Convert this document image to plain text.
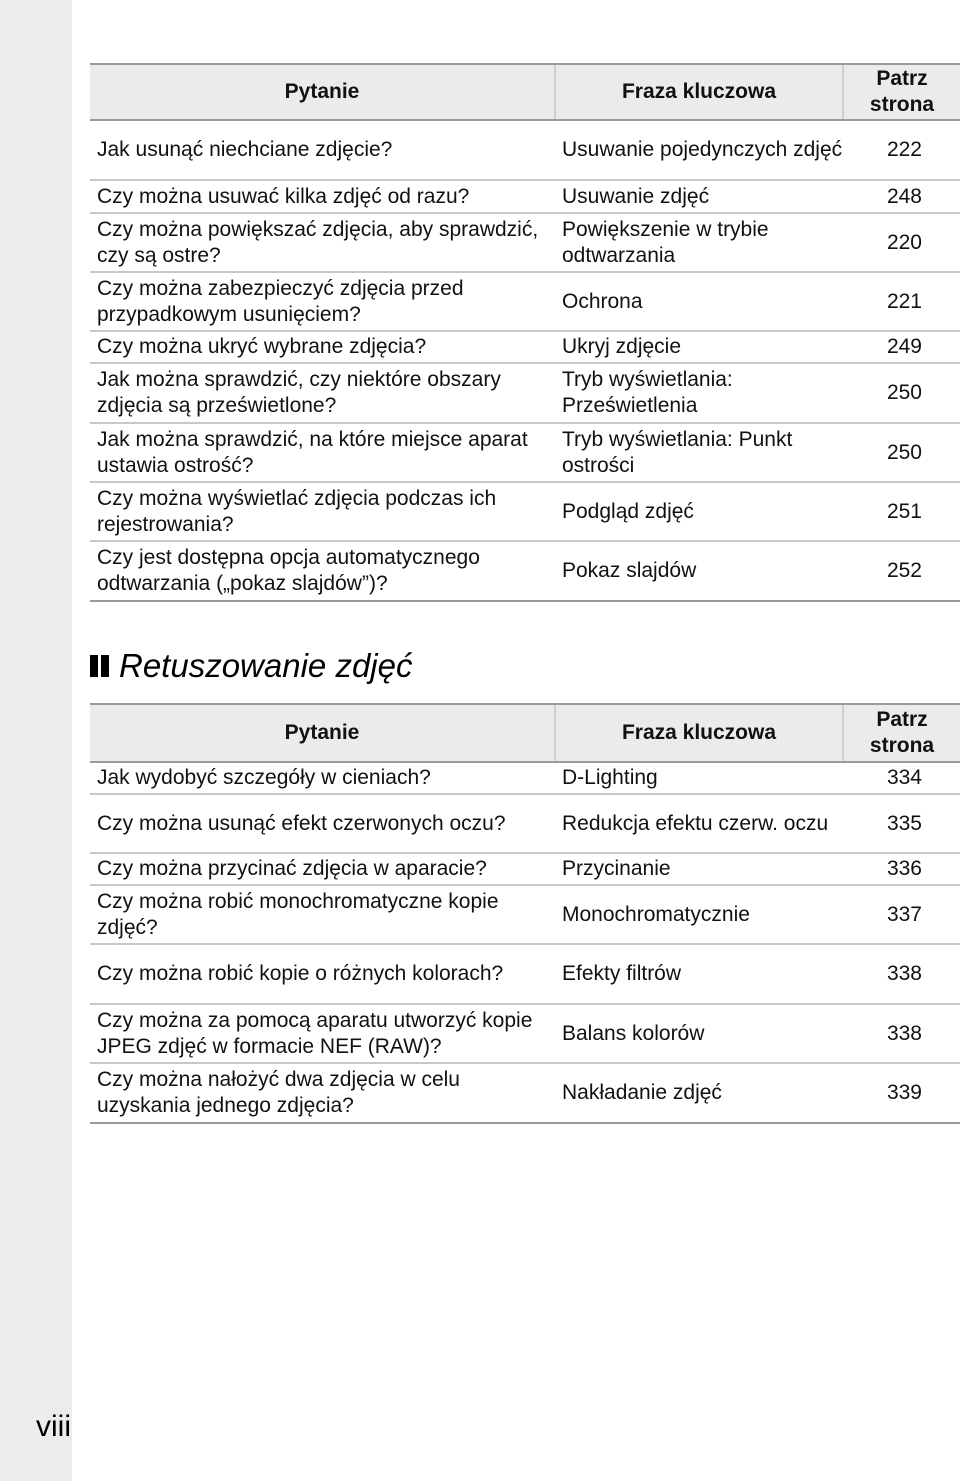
Pytanie	Fraza kluczowa	Patrz strona
Jak usunąć niechciane zdjęcie?	Usuwanie pojedynczych zdjęć	222
Czy można usuwać kilka zdjęć od razu?	Usuwanie zdjęć	248
Czy można powiększać zdjęcia, aby sprawdzić, czy są ostre?	Powiększenie w trybie odtwarzania	220
Czy można zabezpieczyć zdjęcia przed przypadkowym usunięciem?	Ochrona	221
Czy można ukryć wybrane zdjęcia?	Ukryj zdjęcie	249
Jak można sprawdzić, czy niektóre obszary zdjęcia są prześwietlone?	Tryb wyświetlania: Prześwietlenia	250
Jak można sprawdzić, na które miejsce aparat ustawia ostrość?	Tryb wyświetlania: Punkt ostrości	250
Czy można wyświetlać zdjęcia podczas ich rejestrowania?	Podgląd zdjęć	251
Czy jest dostępna opcja automatycznego odtwarzania („pokaz slajdów”)?	Pokaz slajdów	252
Retuszowanie zdjęć
Pytanie	Fraza kluczowa	Patrz strona
Jak wydobyć szczegóły w cieniach?	D-Lighting	334
Czy można usunąć efekt czerwonych oczu?	Redukcja efektu czerw. oczu	335
Czy można przycinać zdjęcia w aparacie?	Przycinanie	336
Czy można robić monochromatyczne kopie zdjęć?	Monochromatycznie	337
Czy można robić kopie o różnych kolorach?	Efekty filtrów	338
Czy można za pomocą aparatu utworzyć kopie JPEG zdjęć w formacie NEF (RAW)?	Balans kolorów	338
Czy można nałożyć dwa zdjęcia w celu uzyskania jednego zdjęcia?	Nakładanie zdjęć	339
viii
